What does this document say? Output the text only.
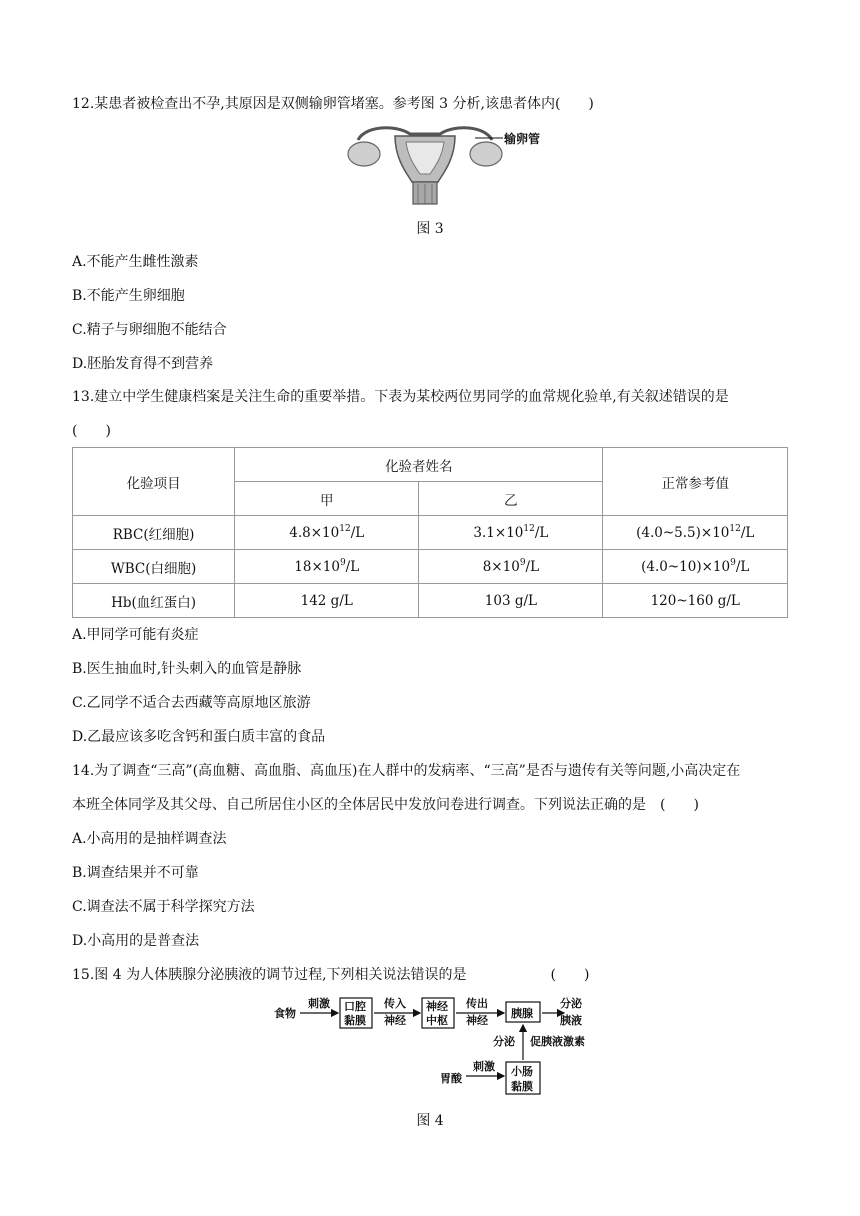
12.某患者被检查出不孕,其原因是双侧输卵管堵塞。参考图 3 分析,该患者体内(　　)
输卵管
图 3
A.不能产生雌性激素
B.不能产生卵细胞
C.精子与卵细胞不能结合
D.胚胎发育得不到营养
13.建立中学生健康档案是关注生命的重要举措。下表为某校两位男同学的血常规化验单,有关叙述错误的是
(　　)
化验项目	化验者姓名		正常参考值
	甲	乙	
RBC(红细胞)	$4.8\times 10^{12}/L$	$3.1\times 10^{12}/L$	$(4.0\sim 5.5)\times 10^{12}/L$
WBC(白细胞)	$18\times 10^9/L$	$8\times 10^9/L$	$(4.0\sim 10)\times 10^9/L$
Hb(血红蛋白)	142 g/L	103 g/L	120~160 g/L
A.甲同学可能有炎症
B.医生抽血时,针头刺入的血管是静脉
C.乙同学不适合去西藏等高原地区旅游
D.乙最应该多吃含钙和蛋白质丰富的食品
14.为了调查“三高”(高血糖、高血脂、高血压)在人群中的发病率、“三高”是否与遗传有关等问题,小高决定在
本班全体同学及其父母、自己所居住小区的全体居民中发放问卷进行调查。下列说法正确的是　(　　)
A.小高用的是抽样调查法
B.调查结果并不可靠
C.调查法不属于科学探究方法
D.小高用的是普查法
15.图 4 为人体胰腺分泌胰液的调节过程,下列相关说法错误的是　　　　　　(　　)
食物
刺激 口腔
黏膜
传入
神经
神经
中枢
传出
神经
胰腺
分泌
胰液
分泌 促胰液激素
胃酸
刺激 小肠
黏膜
图 4
